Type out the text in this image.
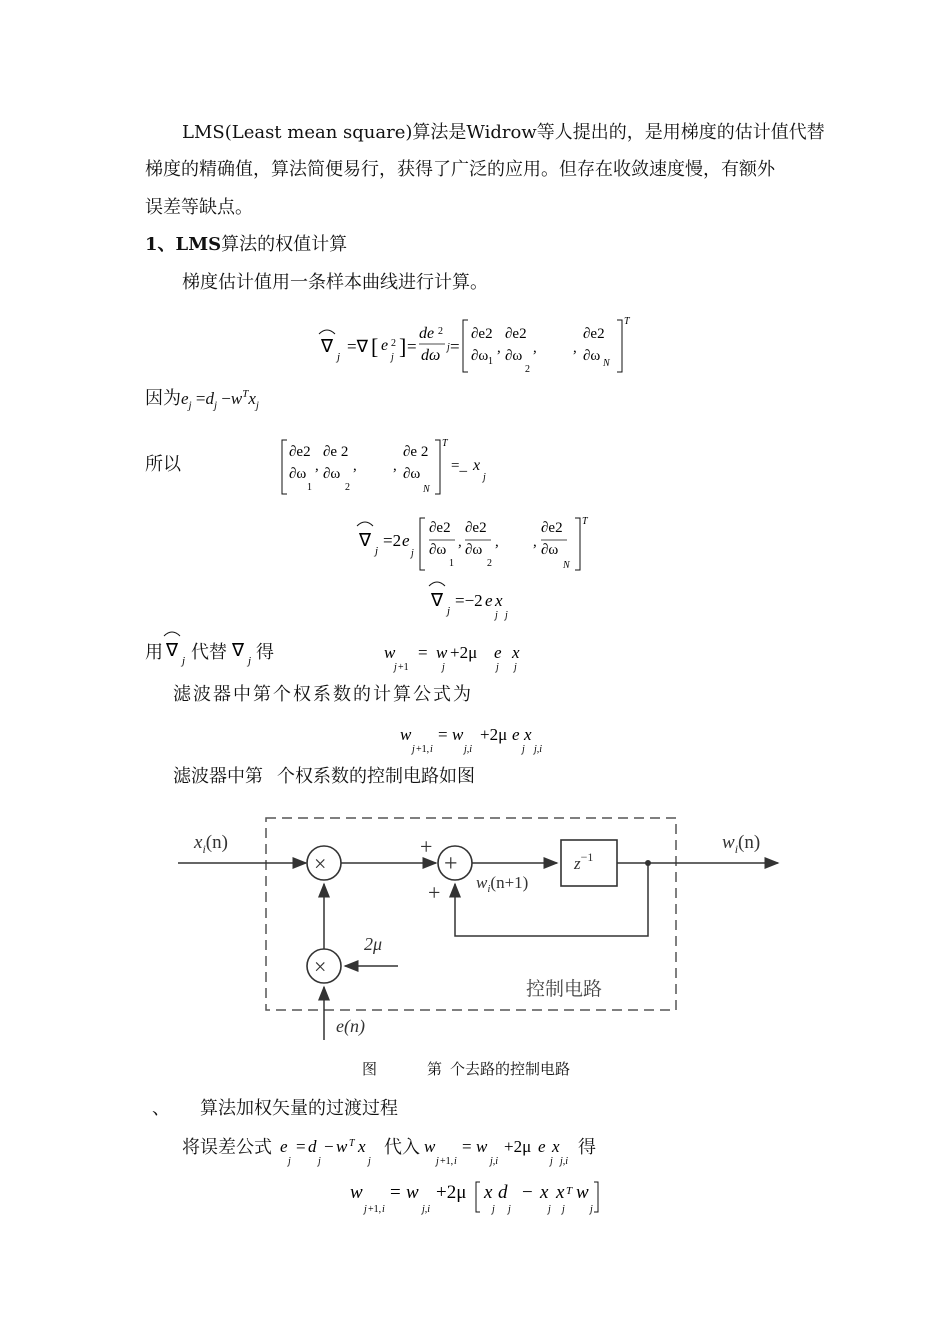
LMS(Least mean square)算法是Widrow等人提出的，是用梯度的估计值代替
梯度的精确值，算法简便易行，获得了广泛的应用。但存在收敛速度慢，有额外
误差等缺点。
1、LMS算法的权值计算
梯度估计值用一条样本曲线进行计算。
∇
j
=∇ [ e 2
j ] =
de 2
dω j =
∂e2
∂ω 1
,
∂e2
∂ω
2
, ,
∂e2
∂ω N
T
因为$e_j =d_j -w^Tx_j$
所以
∂e2
∂ω
1
,
∂e 2
∂ω
2
, ,
∂e 2
∂ω
N
T
=_ x
j
∇
j
=2 e
j
∂e2
∂ω
1
,
∂e2
∂ω
2
, ,
∂e2
∂ω
N
T
∇
j
=−2 e x
j j
用 ∇
j
∇
j
代替 得	w
j +1
= w
j
+2μ e
j
x
j
滤波器中第个权系数的计算公式为
w
j +1, i
= w
j,i
+2μ e x
j j,i
滤波器中第 个权系数的控制电路如图
×	+
×
$x_i(n)$	$w_i(n)$
$z^{-1}$
$w_i(n+1)$
+
+
2μ
e(n)
控制电路
图	第 个去路的控制电路
、 算法加权矢量的过渡过程
将误差公式 e
j
= d
j
− w T x
j
代入 w
j +1, i
= w
j,i
+2μ e x
j j,i
得
w
j +1, i
= w
j,i
+2μ x d
j j
− x x T w
j j	j
